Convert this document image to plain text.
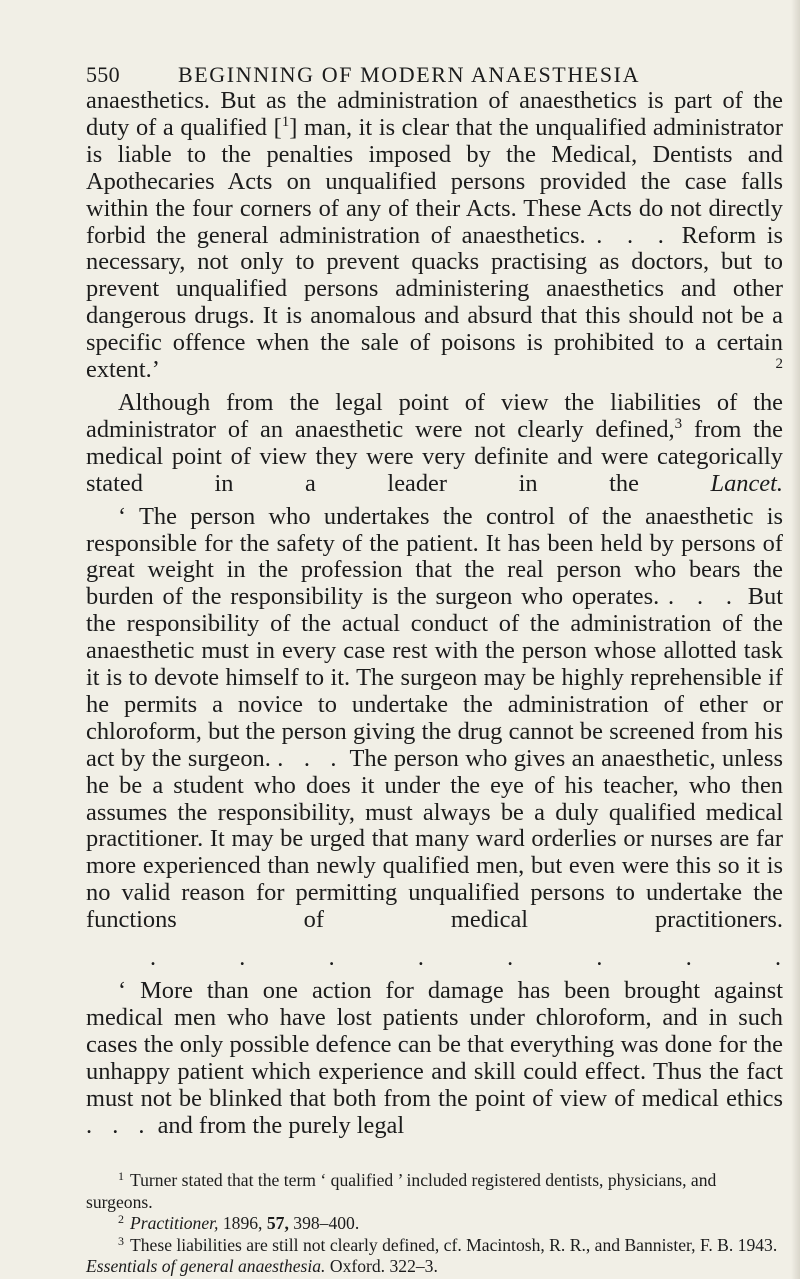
550	BEGINNING OF MODERN ANAESTHESIA

anaesthetics. But as the administration of anaesthetics is part of the duty of a qualified [$^1$] man, it is clear that the unqualified administrator is liable to the penalties imposed by the Medical, Dentists and Apothecaries Acts on unqualified persons provided the case falls within the four corners of any of their Acts. These Acts do not directly forbid the general administration of anaesthetics. . . . Reform is necessary, not only to prevent quacks practising as doctors, but to prevent unqualified persons administering anaesthetics and other dangerous drugs. It is anomalous and absurd that this should not be a specific offence when the sale of poisons is prohibited to a certain extent.’	$^2$

Although from the legal point of view the liabilities of the administrator of an anaesthetic were not clearly defined,$^3$ from the medical point of view they were very definite and were categorically stated in a leader in the	Lancet.

‘ The person who undertakes the control of the anaesthetic is responsible for the safety of the patient. It has been held by persons of great weight in the profession that the real person who bears the burden of the responsibility is the surgeon who operates. . . . But the responsibility of the actual conduct of the administration of the anaesthetic must in every case rest with the person whose allotted task it is to devote himself to it. The surgeon may be highly reprehensible if he permits a novice to undertake the administration of ether or chloroform, but the person giving the drug cannot be screened from his act by the surgeon. . . . The person who gives an anaesthetic, unless he be a student who does it under the eye of his teacher, who then assumes the responsibility, must always be a duly qualified medical practitioner. It may be urged that many ward orderlies or nurses are far more experienced than newly qualified men, but even were this so it is no valid reason for permitting unqualified persons to undertake the functions of medical practitioners.

.	.	.	.	.	.	.	.

‘ More than one action for damage has been brought against medical men who have lost patients under chloroform, and in such cases the only possible defence can be that everything was done for the unhappy patient which experience and skill could effect. Thus the fact must not be blinked that both from the point of view of medical ethics . . . and from the purely legal

$^1$ Turner stated that the term ‘ qualified ’ included registered dentists, physicians, and surgeons.

$^2$ Practitioner, 1896, 57, 398–400.

$^3$ These liabilities are still not clearly defined, cf. Macintosh, R. R., and Bannister, F. B. 1943. Essentials of general anaesthesia. Oxford. 322–3.
